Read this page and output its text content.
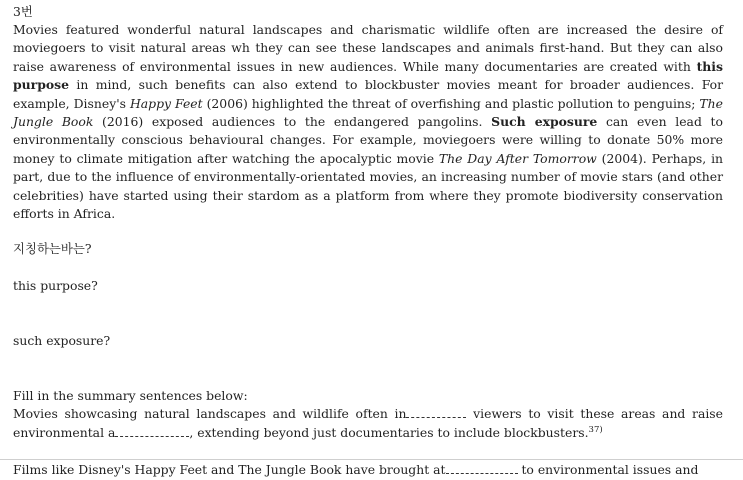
3번

Movies featured wonderful natural landscapes and charismatic wildlife often are increased the desire of moviegoers to visit natural areas wh they can see these landscapes and animals first-hand. But they can also raise awareness of environmental issues in new audiences. While many documentaries are created with this purpose in mind, such benefits can also extend to blockbuster movies meant for broader audiences. For example, Disney's Happy Feet (2006) highlighted the threat of overfishing and plastic pollution to penguins; The Jungle Book (2016) exposed audiences to the endangered pangolins. Such exposure can even lead to environmentally conscious behavioural changes. For example, moviegoers were willing to donate 50% more money to climate mitigation after watching the apocalyptic movie The Day After Tomorrow (2004). Perhaps, in part, due to the influence of environmentally-orientated movies, an increasing number of movie stars (and other celebrities) have started using their stardom as a platform from where they promote biodiversity conservation efforts in Africa.

지칭하는바는?

this purpose?

such exposure?

Fill in the summary sentences below:

Movies showcasing natural landscapes and wildlife often in	viewers to visit these areas and raise environmental a	, extending beyond just documentaries to include blockbusters.$^{37)}$

Films like Disney's Happy Feet and The Jungle Book have brought at	to environmental issues and
